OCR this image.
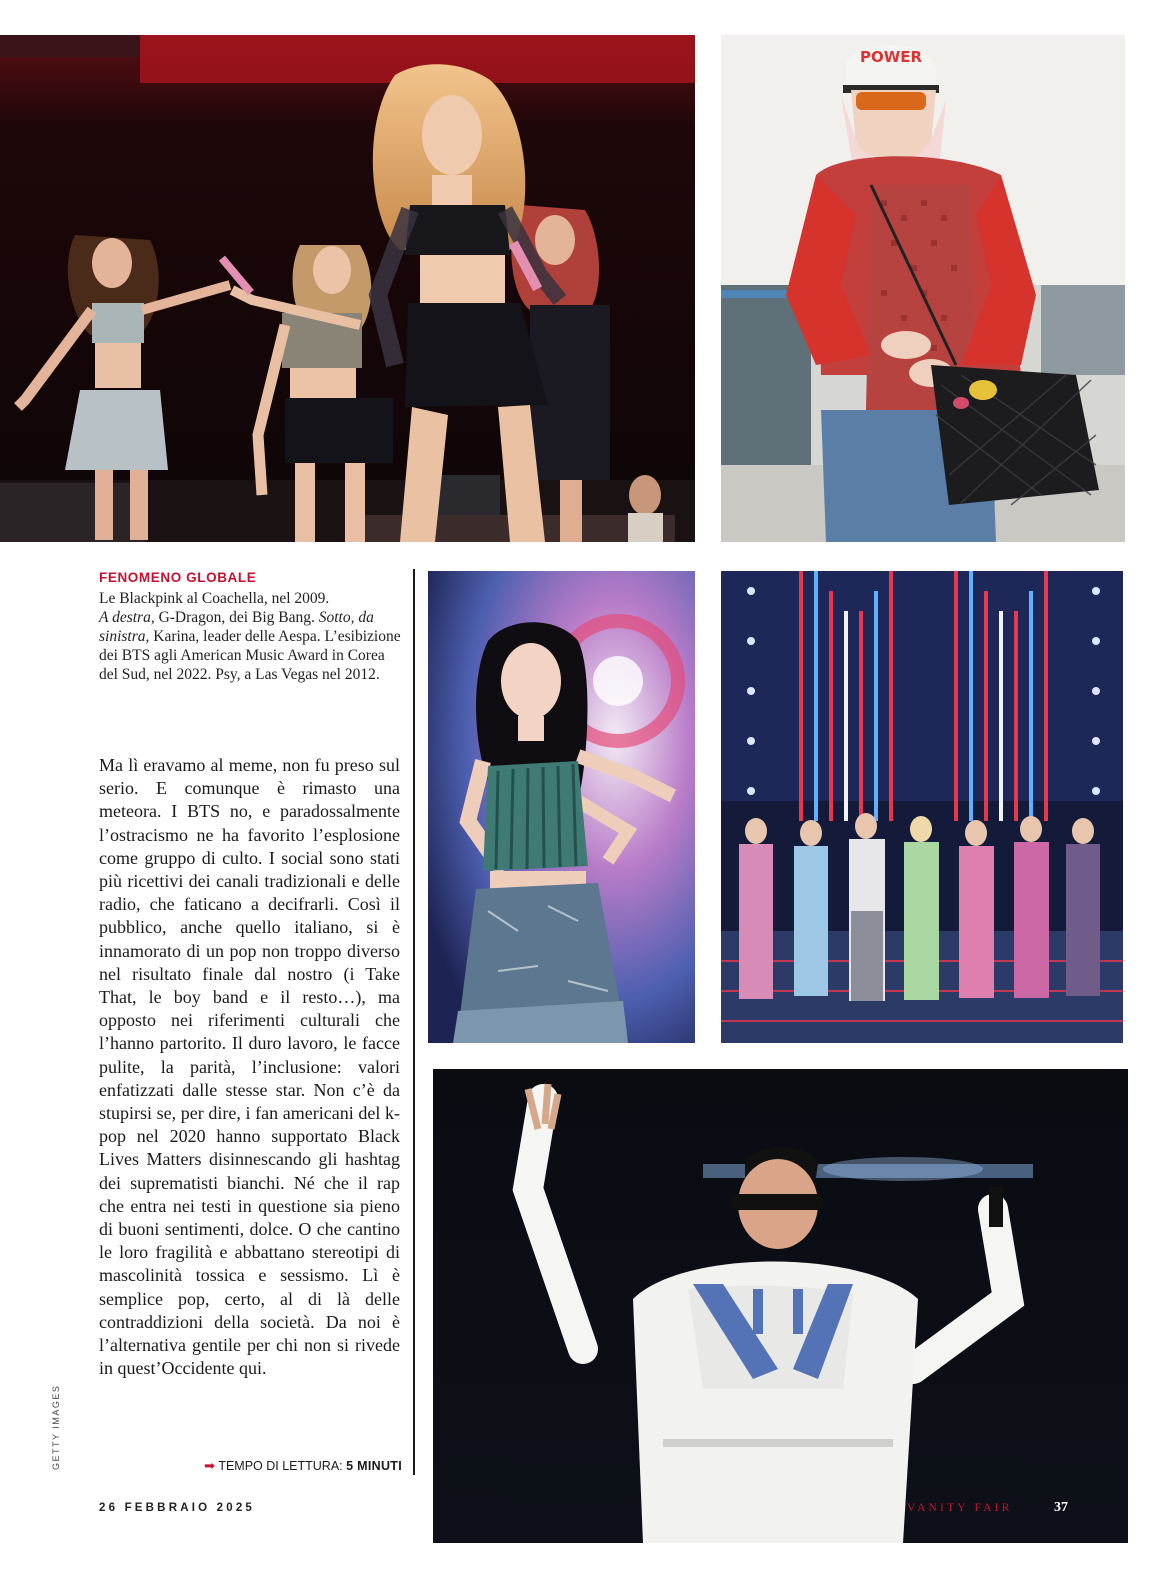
POWER
FENOMENO GLOBALE
Le Blackpink al Coachella, nel 2009.
A destra, G-Dragon, dei Big Bang. Sotto, da sinistra, Karina, leader delle Aespa. L’esibizione dei BTS agli American Music Award in Corea del Sud, nel 2022. Psy, a Las Vegas nel 2012.

Ma lì eravamo al meme, non fu preso sul serio. E comunque è rimasto una meteora. I BTS no, e paradossalmente l’ostracismo ne ha favorito l’esplosione come gruppo di culto. I social sono stati più ricettivi dei canali tradizionali e delle radio, che faticano a decifrarli. Così il pubblico, anche quello italiano, si è innamorato di un pop non troppo diverso nel risultato finale dal nostro (i Take That, le boy band e il resto…), ma opposto nei riferimenti culturali che l’hanno partorito. Il duro lavoro, le facce pulite, la parità, l’inclusione: valori enfatizzati dalle stesse star. Non c’è da stupirsi se, per dire, i fan americani del k-pop nel 2020 hanno supportato Black Lives Matters disinnescando gli hashtag dei suprematisti bianchi. Né che il rap che entra nei testi in questione sia pieno di buoni sentimenti, dolce. O che cantino le loro fragilità e abbattano stereotipi di mascolinità tossica e sessismo. Lì è semplice pop, certo, al di là delle contraddizioni della società. Da noi è l’alternativa gentile per chi non si rivede in quest’Occidente qui.

➡ TEMPO DI LETTURA: 5 MINUTI
GETTY IMAGES
26 FEBBRAIO 2025	VANITY FAIR	37
